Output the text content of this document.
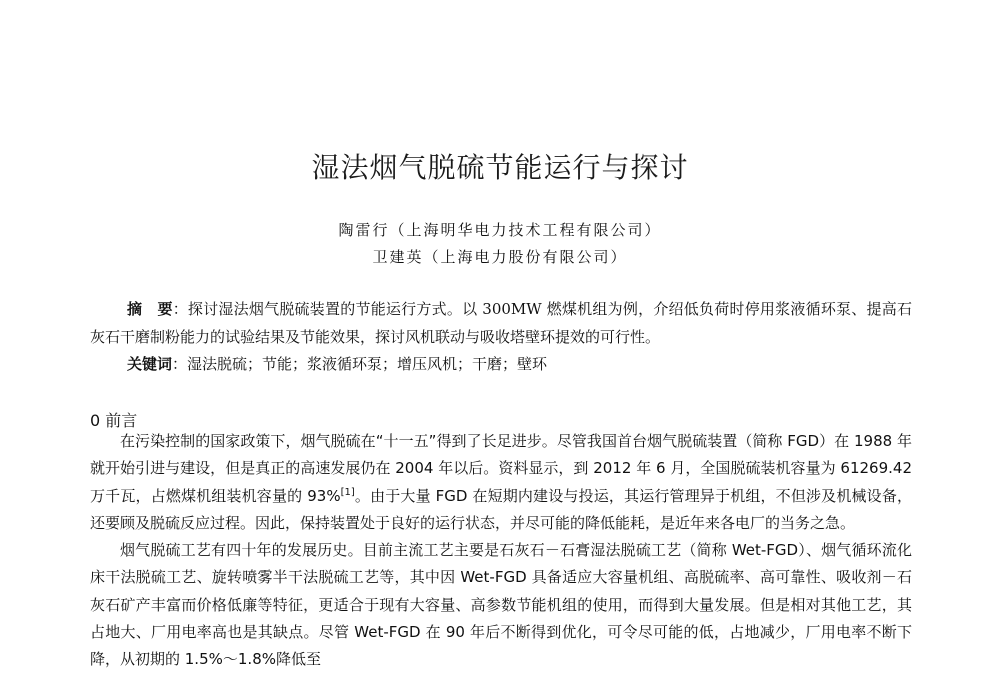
湿法烟气脱硫节能运行与探讨
陶雷行（上海明华电力技术工程有限公司）
卫建英（上海电力股份有限公司）
摘　要：探讨湿法烟气脱硫装置的节能运行方式。以 300MW 燃煤机组为例，介绍低负荷时停用浆液循环泵、提高石灰石干磨制粉能力的试验结果及节能效果，探讨风机联动与吸收塔壁环提效的可行性。
关键词：湿法脱硫；节能；浆液循环泵；增压风机；干磨；壁环
0 前言

在污染控制的国家政策下，烟气脱硫在“十一五”得到了长足进步。尽管我国首台烟气脱硫装置（简称 FGD）在 1988 年就开始引进与建设，但是真正的高速发展仍在 2004 年以后。资料显示，到 2012 年 6 月，全国脱硫装机容量为 61269.42 万千瓦，占燃煤机组装机容量的 93%[1]。由于大量 FGD 在短期内建设与投运，其运行管理异于机组，不但涉及机械设备，还要顾及脱硫反应过程。因此，保持装置处于良好的运行状态，并尽可能的降低能耗，是近年来各电厂的当务之急。

烟气脱硫工艺有四十年的发展历史。目前主流工艺主要是石灰石－石膏湿法脱硫工艺（简称 Wet-FGD）、烟气循环流化床干法脱硫工艺、旋转喷雾半干法脱硫工艺等，其中因 Wet-FGD 具备适应大容量机组、高脱硫率、高可靠性、吸收剂－石灰石矿产丰富而价格低廉等特征，更适合于现有大容量、高参数节能机组的使用，而得到大量发展。但是相对其他工艺，其占地大、厂用电率高也是其缺点。尽管 Wet-FGD 在 90 年后不断得到优化，可令尽可能的低，占地减少，厂用电率不断下降，从初期的 1.5%～1.8%降低至
